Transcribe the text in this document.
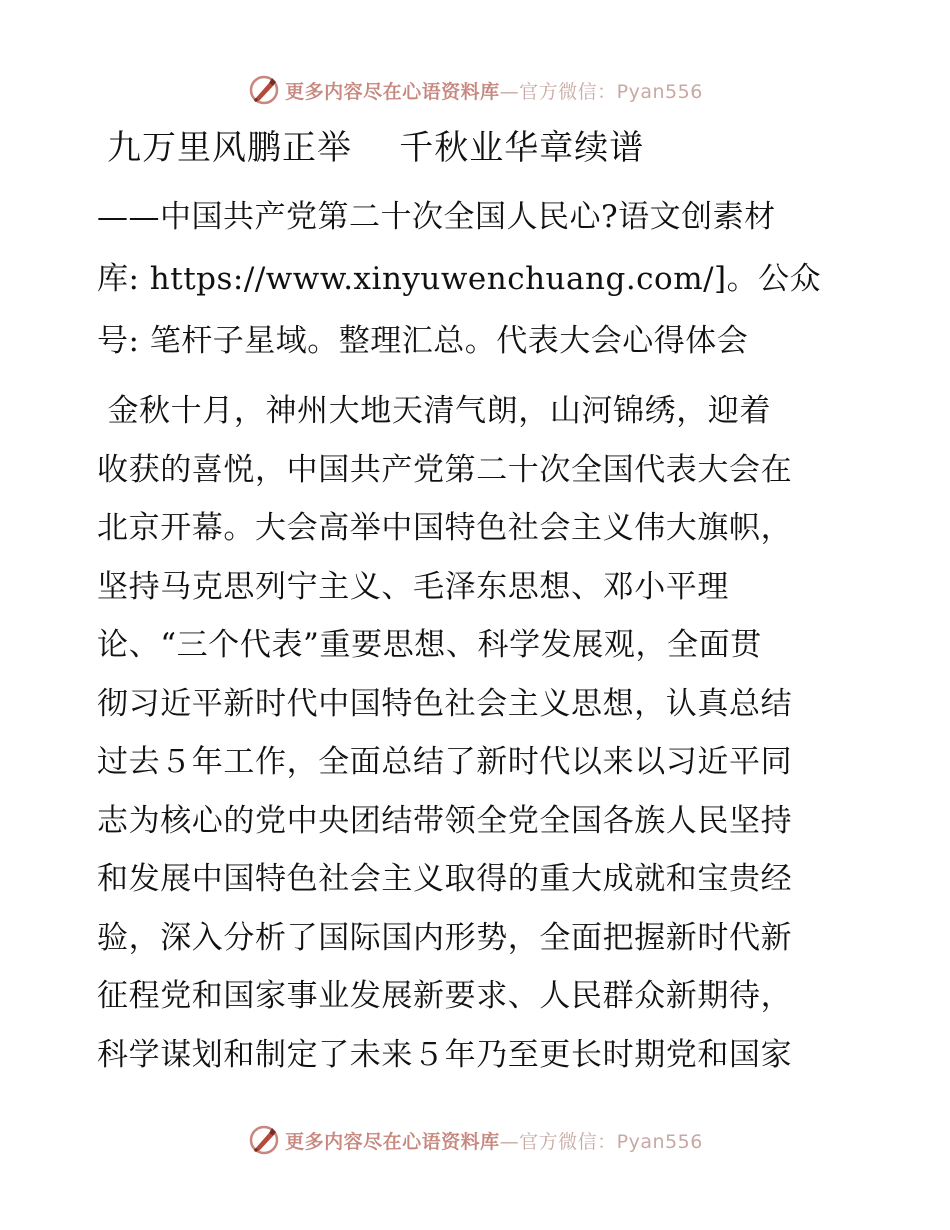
更多内容尽在心语资料库—官方微信：Pyan556
九万里风鹏正举    千秋业华章续谱
——中国共产党第二十次全国人民心?语文创素材
库: https://www.xinyuwenchuang.com/]。公众
号: 笔杆子星域。整理汇总。代表大会心得体会
金秋十月，神州大地天清气朗，山河锦绣，迎着
收获的喜悦，中国共产党第二十次全国代表大会在
北京开幕。大会高举中国特色社会主义伟大旗帜，
坚持马克思列宁主义、毛泽东思想、邓小平理
论、“三个代表”重要思想、科学发展观，全面贯
彻习近平新时代中国特色社会主义思想，认真总结
过去５年工作，全面总结了新时代以来以习近平同
志为核心的党中央团结带领全党全国各族人民坚持
和发展中国特色社会主义取得的重大成就和宝贵经
验，深入分析了国际国内形势，全面把握新时代新
征程党和国家事业发展新要求、人民群众新期待，
科学谋划和制定了未来５年乃至更长时期党和国家
更多内容尽在心语资料库—官方微信：Pyan556
